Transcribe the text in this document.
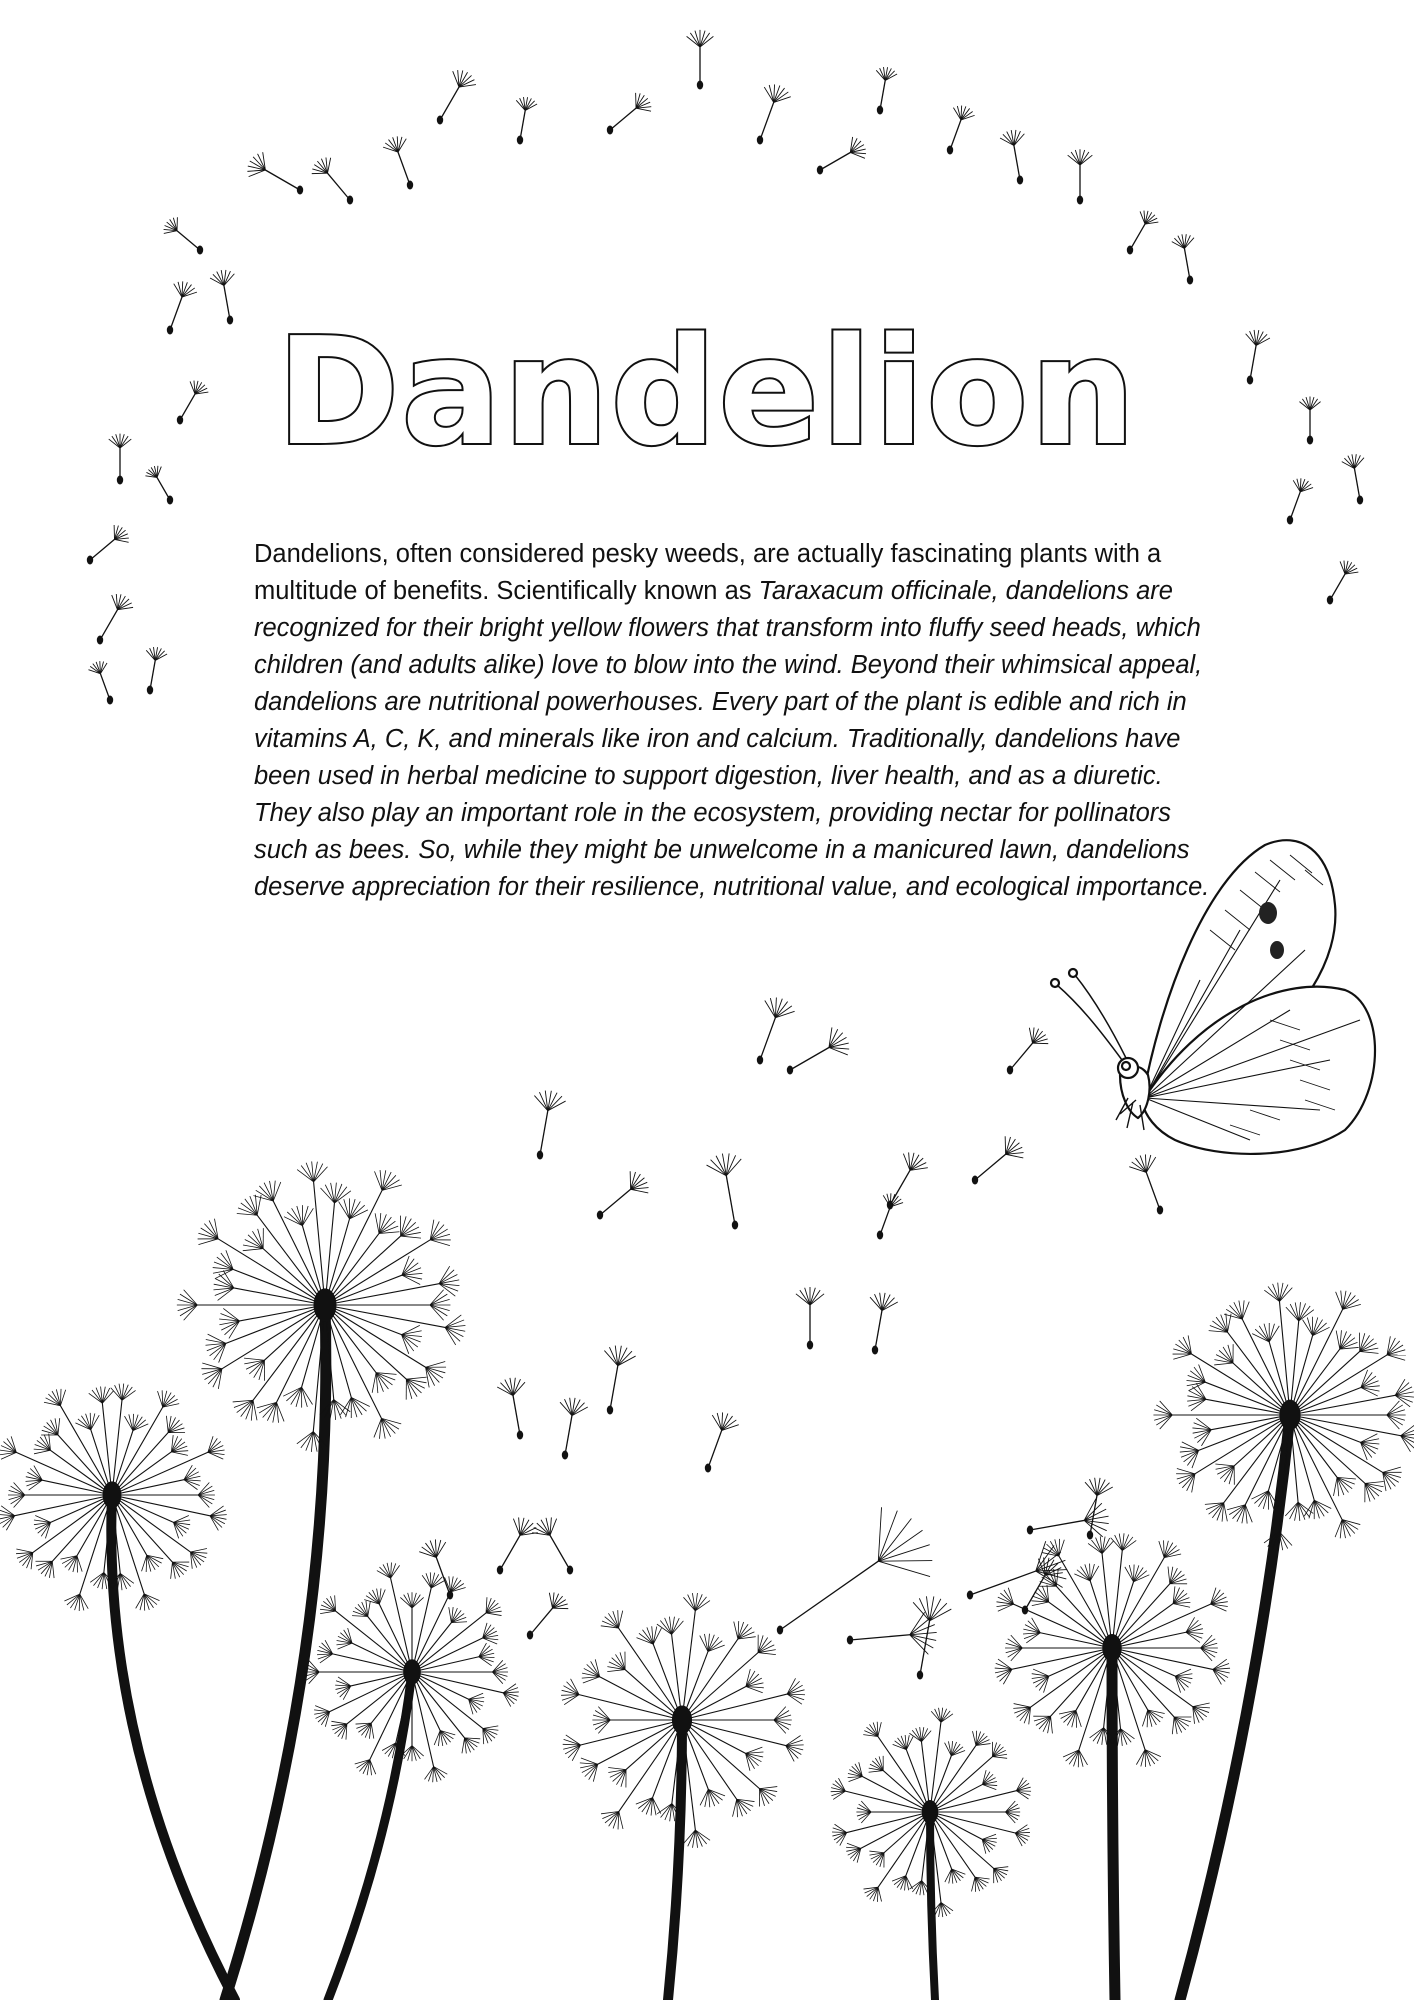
Dandelion
Dandelions, often considered pesky weeds, are actually fascinating plants with a multitude of benefits. Scientifically known as Taraxacum officinale, dandelions are recognized for their bright yellow flowers that transform into fluffy seed heads, which children (and adults alike) love to blow into the wind. Beyond their whimsical appeal, dandelions are nutritional powerhouses. Every part of the plant is edible and rich in vitamins A, C, K, and minerals like iron and calcium. Traditionally, dandelions have been used in herbal medicine to support digestion, liver health, and as a diuretic. They also play an important role in the ecosystem, providing nectar for pollinators such as bees. So, while they might be unwelcome in a manicured lawn, dandelions deserve appreciation for their resilience, nutritional value, and ecological importance.
